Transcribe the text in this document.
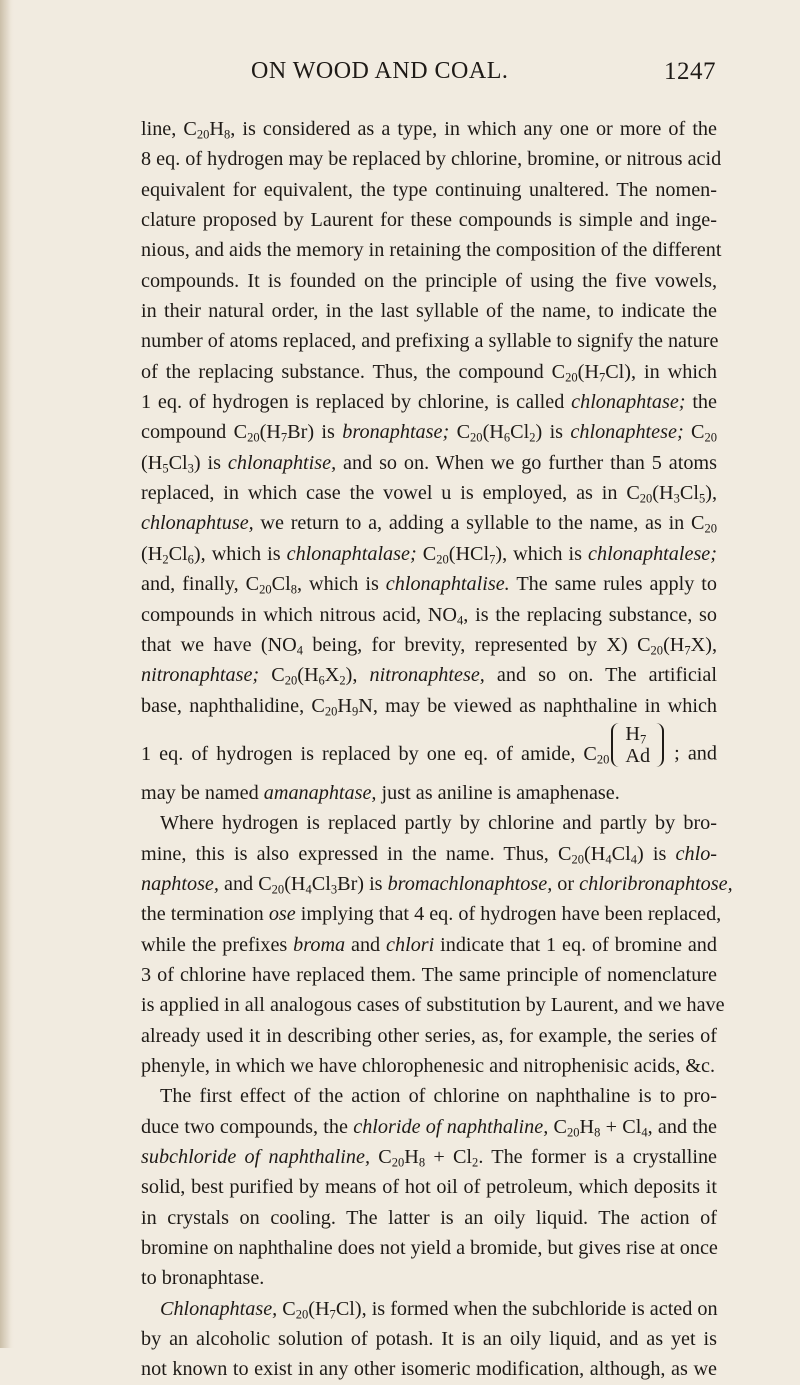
ON WOOD AND COAL.	1247
line, $C_{20}H_8$, is considered as a type, in which any one or more of the
8 eq. of hydrogen may be replaced by chlorine, bromine, or nitrous acid
equivalent for equivalent, the type continuing unaltered. The nomen-
clature proposed by Laurent for these compounds is simple and inge-
nious, and aids the memory in retaining the composition of the different
compounds. It is founded on the principle of using the five vowels,
in their natural order, in the last syllable of the name, to indicate the
number of atoms replaced, and prefixing a syllable to signify the nature
of the replacing substance. Thus, the compound $C_{20}(H_7Cl)$, in which
1 eq. of hydrogen is replaced by chlorine, is called chlonaphtase; the
compound $C_{20}(H_7Br)$ is bronaphtase; $C_{20}(H_6Cl_2)$ is chlonaphtese; $C_{20}$
$(H_5Cl_3)$ is chlonaphtise, and so on. When we go further than 5 atoms
replaced, in which case the vowel u is employed, as in $C_{20}(H_3Cl_5)$,
chlonaphtuse, we return to a, adding a syllable to the name, as in $C_{20}$
$(H_2Cl_6)$, which is chlonaphtalase; $C_{20}(HCl_7)$, which is chlonaphtalese;
and, finally, $C_{20}Cl_8$, which is chlonaphtalise. The same rules apply to
compounds in which nitrous acid, $NO_4$, is the replacing substance, so
that we have ($NO_4$ being, for brevity, represented by X) $C_{20}(H_7X)$,
nitronaphtase; $C_{20}(H_6X_2)$, nitronaphtese, and so on. The artificial
base, naphthalidine, $C_{20}H_9N$, may be viewed as naphthaline in which
1 eq. of hydrogen is replaced by one eq. of amide, $C_{20}$
$H_7$
Ad ; and
may be named amanaphtase, just as aniline is amaphenase.
Where hydrogen is replaced partly by chlorine and partly by bro-
mine, this is also expressed in the name. Thus, $C_{20}(H_4Cl_4)$ is chlo-
naphtose, and $C_{20}(H_4Cl_3Br)$ is bromachlonaphtose, or chloribronaphtose,
the termination ose implying that 4 eq. of hydrogen have been replaced,
while the prefixes broma and chlori indicate that 1 eq. of bromine and
3 of chlorine have replaced them. The same principle of nomenclature
is applied in all analogous cases of substitution by Laurent, and we have
already used it in describing other series, as, for example, the series of
phenyle, in which we have chlorophenesic and nitrophenisic acids, &c.
The first effect of the action of chlorine on naphthaline is to pro-
duce two compounds, the chloride of naphthaline, $C_{20}H_8 + Cl_4$, and the
subchloride of naphthaline, $C_{20}H_8 + Cl_2$. The former is a crystalline
solid, best purified by means of hot oil of petroleum, which deposits it
in crystals on cooling. The latter is an oily liquid. The action of
bromine on naphthaline does not yield a bromide, but gives rise at once
to bronaphtase.
Chlonaphtase, $C_{20}(H_7Cl)$, is formed when the subchloride is acted on
by an alcoholic solution of potash. It is an oily liquid, and as yet is
not known to exist in any other isomeric modification, although, as we
